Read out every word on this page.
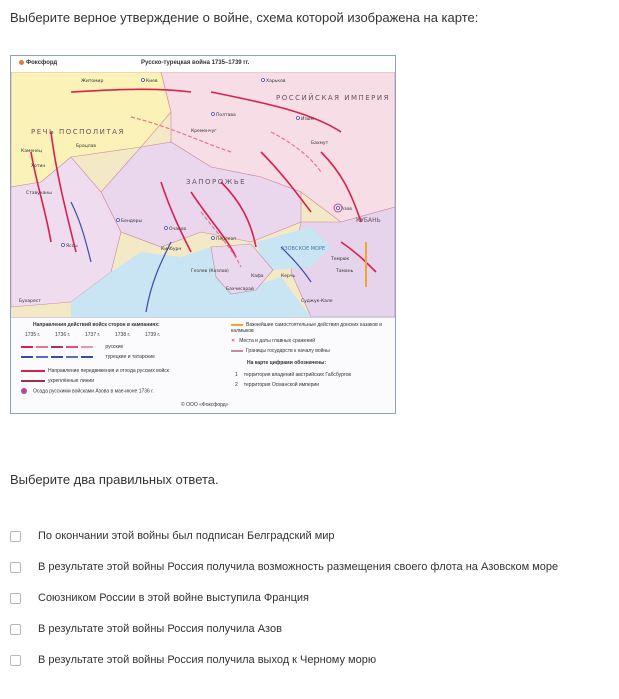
Выберите верное утверждение о войне, схема которой изображена на карте:
Фоксфорд	Русско-турецкая война 1735–1739 гг.
РОССИЙСКАЯ ИМПЕРИЯ
РЕЧЬ ПОСПОЛИТАЯ
ЗАПОРОЖЬЕ
АЗОВСКОЕ МОРЕ
КУБАНЬ
Киев	Харьков
Полтава
Изюм
Бахмут
Бендеры
Очаков
Перекоп
Бахчисарай
Азов
Керчь
Кафа
Хотин
Яссы
Бухарест
Кинбурн
Гезлев (Козлов)
Суджук-Кале
Житомир
Каменец
Брацлав
Кременчуг
Ставучаны
Тамань
Темрюк
Направления действий войск сторон в кампаниях:
1735 г.	1736 г.	1737 г.	1738 г.	1739 г.
русские
турецкие и татарские
Направление передвижения и отхода русских войск
укреплённые линии
Осада русскими войсками Азова в мае-июне 1736 г.
Важнейшие самостоятельные действия донских казаков и калмыков
✕ Места и даты главных сражений
Границы государств к началу войны
На карте цифрами обозначены:
1 территория владений австрийских Габсбургов
2 территория Османской империи
© ООО «Фоксфорд»
Выберите два правильных ответа.
По окончании этой войны был подписан Белградский мир
В результате этой войны Россия получила возможность размещения своего флота на Азовском море
Союзником России в этой войне выступила Франция
В результате этой войны Россия получила Азов
В результате этой войны Россия получила выход к Черному морю
